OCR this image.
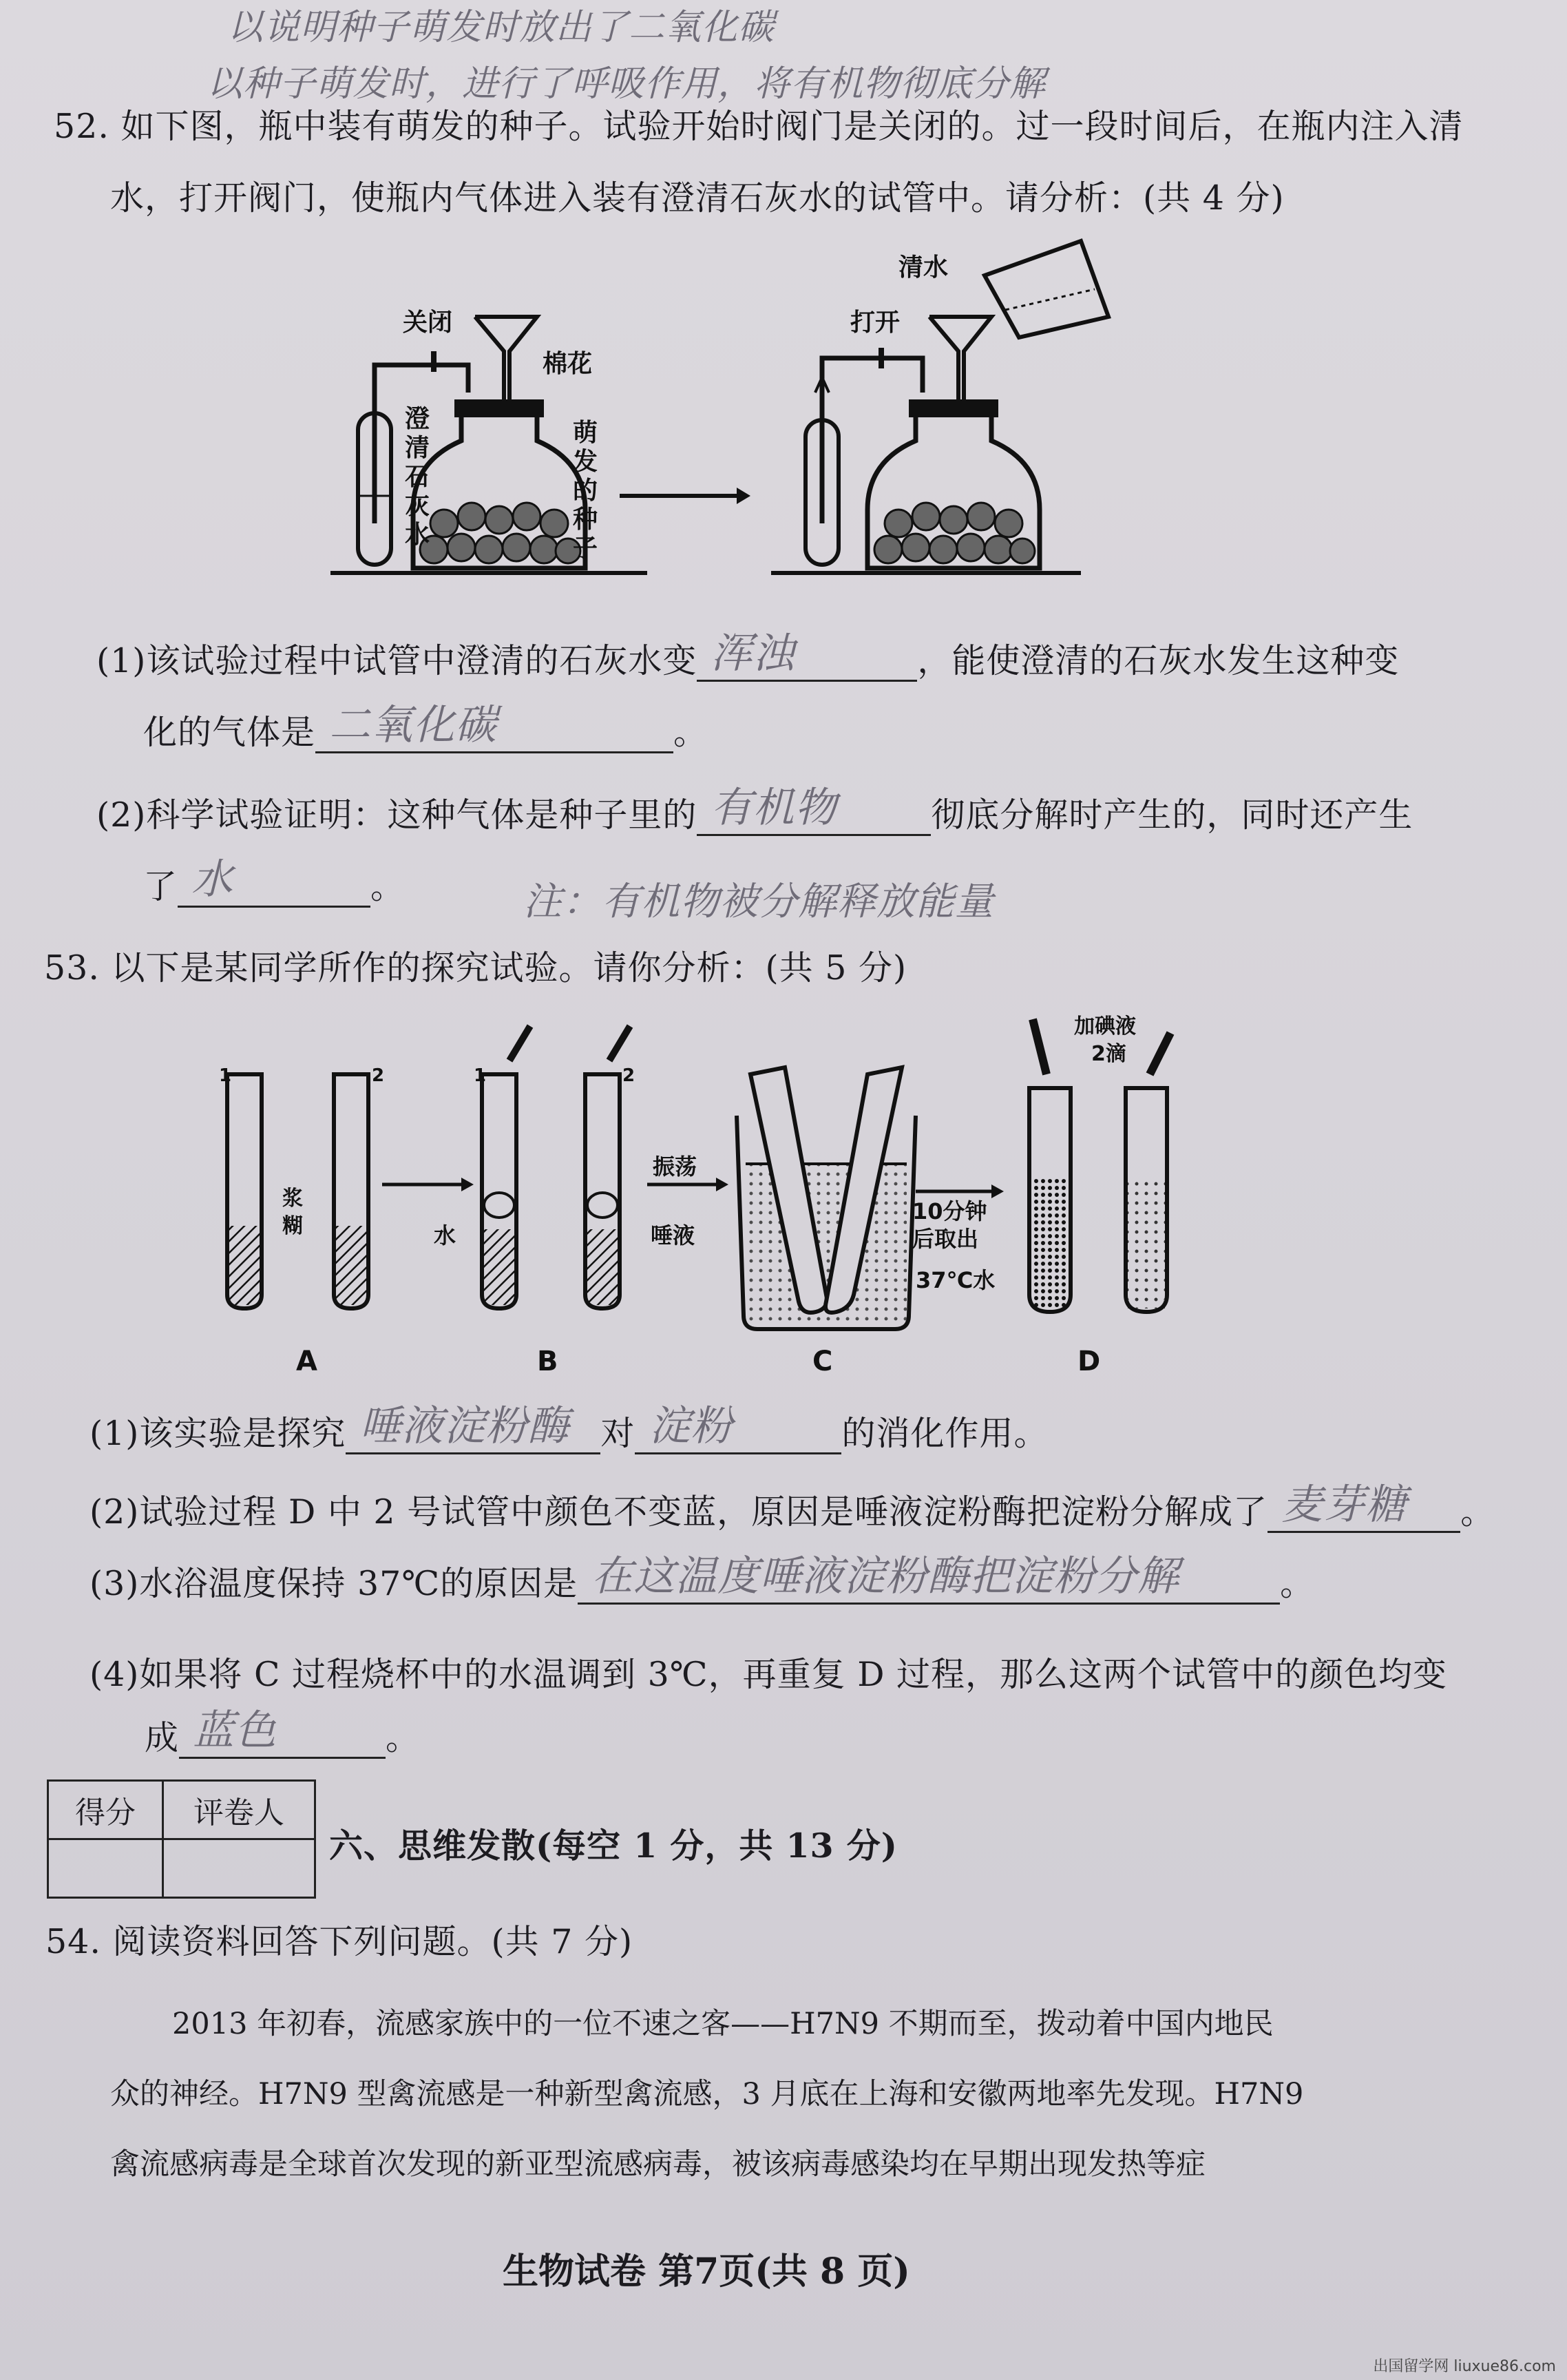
以说明种子萌发时放出了二氧化碳
以种子萌发时，进行了呼吸作用，将有机物彻底分解
52. 如下图，瓶中装有萌发的种子。试验开始时阀门是关闭的。过一段时间后，在瓶内注入清
水，打开阀门，使瓶内气体进入装有澄清石灰水的试管中。请分析：(共 4 分)
关闭
棉花
澄
清
石
灰
水
萌
发
的
种
子
清水
打开
(1)该试验过程中试管中澄清的石灰水变 浑浊	，能使澄清的石灰水发生这种变
化的气体是 二氧化碳	。
(2)科学试验证明：这种气体是种子里的 有机物	彻底分解时产生的，同时还产生
了 水	。	注：有机物被分解释放能量
53. 以下是某同学所作的探究试验。请你分析：(共 5 分)
1	2
浆
糊
1	2
水	唾液
振荡
10分钟
后取出
37℃水
加碘液
2滴
A	B	C	D
(1)该实验是探究 唾液淀粉酶 对 淀粉	的消化作用。
(2)试验过程 D 中 2 号试管中颜色不变蓝，原因是唾液淀粉酶把淀粉分解成了 麦芽糖 。
(3)水浴温度保持 37℃的原因是 在这温度唾液淀粉酶把淀粉分解	。
(4)如果将 C 过程烧杯中的水温调到 3℃，再重复 D 过程，那么这两个试管中的颜色均变
成 蓝色	。
得分	评卷人

六、思维发散(每空 1 分，共 13 分)
54. 阅读资料回答下列问题。(共 7 分)
2013 年初春，流感家族中的一位不速之客——H7N9 不期而至，拨动着中国内地民
众的神经。H7N9 型禽流感是一种新型禽流感，3 月底在上海和安徽两地率先发现。H7N9
禽流感病毒是全球首次发现的新亚型流感病毒，被该病毒感染均在早期出现发热等症
生物试卷 第7页(共 8 页)
出国留学网 liuxue86.com
